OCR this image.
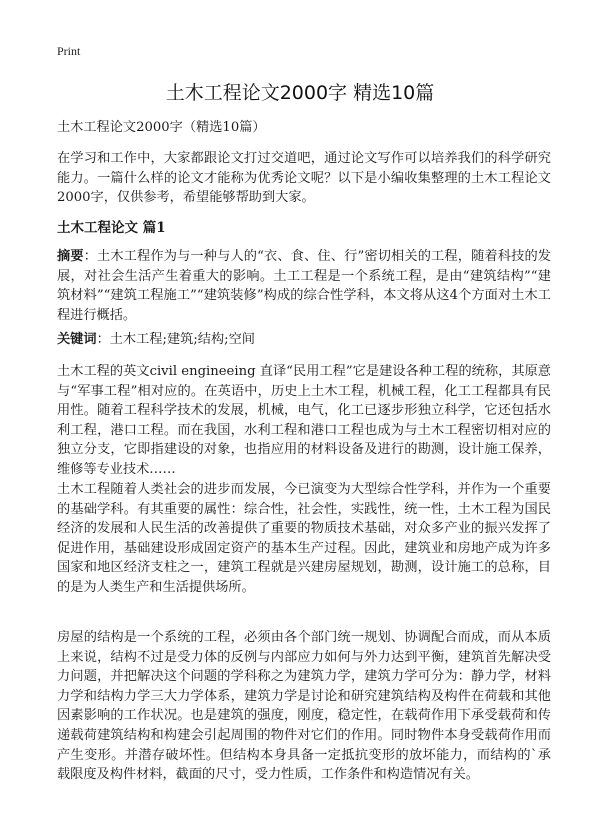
Print
土木工程论文2000字 精选10篇
土木工程论文2000字（精选10篇）
在学习和工作中，大家都跟论文打过交道吧，通过论文写作可以培养我们的科学研究能力。一篇什么样的论文才能称为优秀论文呢？以下是小编收集整理的土木工程论文2000字，仅供参考，希望能够帮助到大家。
土木工程论文 篇1
摘要：土木工程作为与一种与人的“衣、食、住、行”密切相关的工程，随着科技的发展，对社会生活产生着重大的影响。土工工程是一个系统工程，是由“建筑结构”“建筑材料”“建筑工程施工”“建筑装修”构成的综合性学科，本文将从这4个方面对土木工程进行概括。
关键词：土木工程;建筑;结构;空间
土木工程的英文civil engineeing 直译“民用工程”它是建设各种工程的统称，其原意与“军事工程”相对应的。在英语中，历史上土木工程，机械工程，化工工程都具有民用性。随着工程科学技术的发展，机械，电气，化工已逐步形独立科学，它还包括水利工程，港口工程。而在我国，水利工程和港口工程也成为与土木工程密切相对应的独立分支，它即指建设的对象，也指应用的材料设备及进行的勘测，设计施工保养，维修等专业技术……
土木工程随着人类社会的进步而发展，今已演变为大型综合性学科，并作为一个重要的基础学科。有其重要的属性：综合性，社会性，实践性，统一性，土木工程为国民经济的发展和人民生活的改善提供了重要的物质技术基础，对众多产业的振兴发挥了促进作用，基础建设形成固定资产的基本生产过程。因此，建筑业和房地产成为许多国家和地区经济支柱之一，建筑工程就是兴建房屋规划，勘测，设计施工的总称，目的是为人类生产和生活提供场所。
房屋的结构是一个系统的工程，必须由各个部门统一规划、协调配合而成，而从本质上来说，结构不过是受力体的反例与内部应力如何与外力达到平衡，建筑首先解决受力问题，并把解决这个问题的学科称之为建筑力学，建筑力学可分为：静力学，材料力学和结构力学三大力学体系，建筑力学是讨论和研究建筑结构及构件在荷载和其他因素影响的工作状况。也是建筑的强度，刚度，稳定性，在载荷作用下承受载荷和传递载荷建筑结构和构建会引起周围的物件对它们的作用。同时物件本身受载荷作用而产生变形。并潜存破坏性。但结构本身具备一定抵抗变形的放坏能力，而结构的`承载限度及构件材料，截面的尺寸，受力性质，工作条件和构造情况有关。
